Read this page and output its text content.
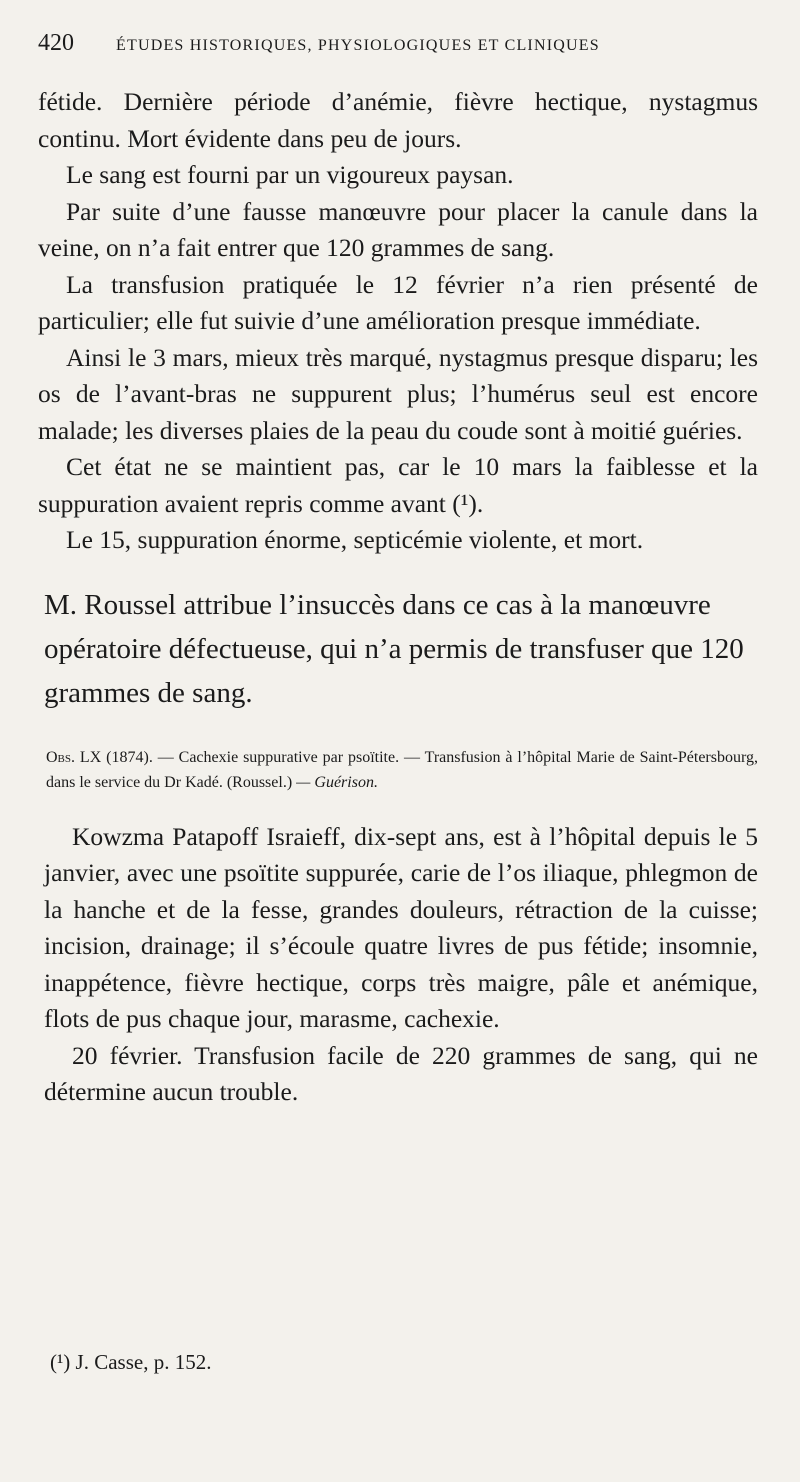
420	ÉTUDES HISTORIQUES, PHYSIOLOGIQUES ET CLINIQUES

fétide. Dernière période d’anémie, fièvre hectique, nystagmus continu. Mort évidente dans peu de jours.

Le sang est fourni par un vigoureux paysan.

Par suite d’une fausse manœuvre pour placer la canule dans la veine, on n’a fait entrer que 120 grammes de sang.

La transfusion pratiquée le 12 février n’a rien présenté de particulier; elle fut suivie d’une amélioration presque immédiate.

Ainsi le 3 mars, mieux très marqué, nystagmus presque disparu; les os de l’avant-bras ne suppurent plus; l’humérus seul est encore malade; les diverses plaies de la peau du coude sont à moitié guéries.

Cet état ne se maintient pas, car le 10 mars la faiblesse et la suppuration avaient repris comme avant (¹).

Le 15, suppuration énorme, septicémie violente, et mort.

M. Roussel attribue l’insuccès dans ce cas à la manœuvre opératoire défectueuse, qui n’a permis de transfuser que 120 grammes de sang.
Obs. LX (1874). — Cachexie suppurative par psoïtite. — Transfusion à l’hôpital Marie de Saint-Pétersbourg, dans le service du Dr Kadé. (Roussel.) — Guérison.

Kowzma Patapoff Israieff, dix-sept ans, est à l’hôpital depuis le 5 janvier, avec une psoïtite suppurée, carie de l’os iliaque, phlegmon de la hanche et de la fesse, grandes douleurs, rétraction de la cuisse; incision, drainage; il s’écoule quatre livres de pus fétide; insomnie, inappétence, fièvre hectique, corps très maigre, pâle et anémique, flots de pus chaque jour, marasme, cachexie.

20 février. Transfusion facile de 220 grammes de sang, qui ne détermine aucun trouble.

(¹) J. Casse, p. 152.
